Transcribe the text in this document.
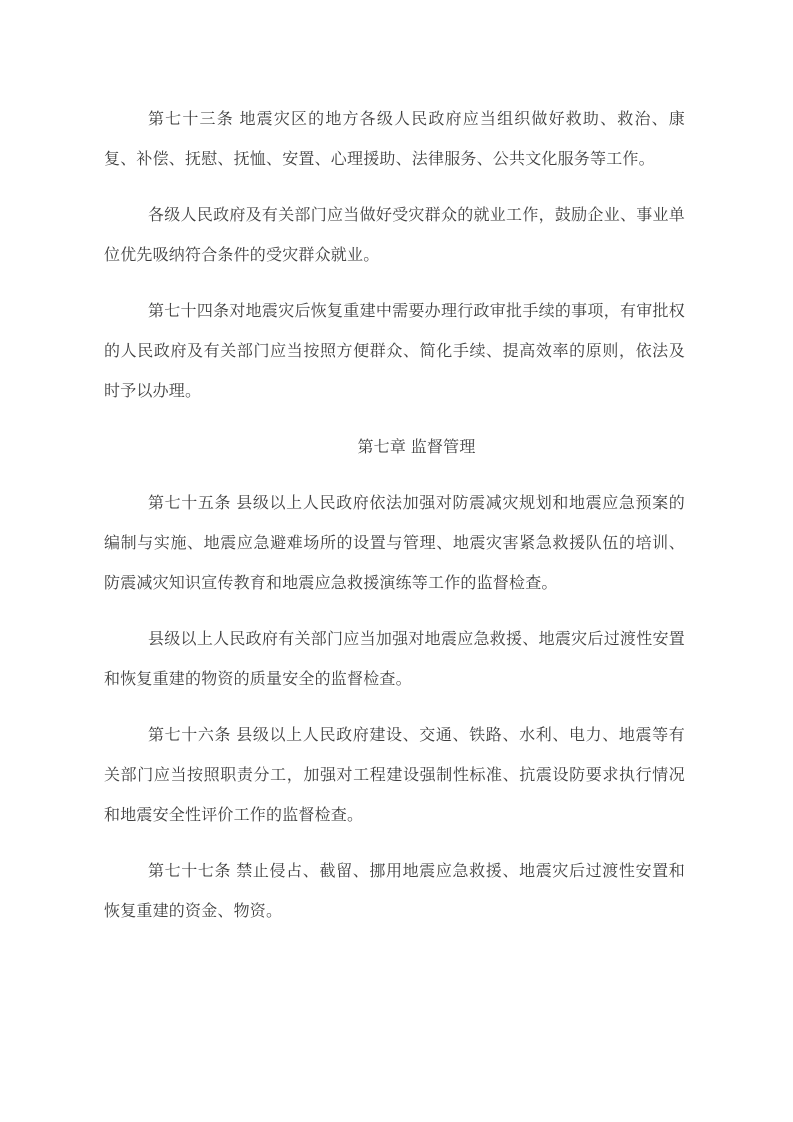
第七十三条 地震灾区的地方各级人民政府应当组织做好救助、救治、康复、补偿、抚慰、抚恤、安置、心理援助、法律服务、公共文化服务等工作。

各级人民政府及有关部门应当做好受灾群众的就业工作，鼓励企业、事业单位优先吸纳符合条件的受灾群众就业。

第七十四条对地震灾后恢复重建中需要办理行政审批手续的事项，有审批权的人民政府及有关部门应当按照方便群众、简化手续、提高效率的原则，依法及时予以办理。

第七章 监督管理

第七十五条 县级以上人民政府依法加强对防震减灾规划和地震应急预案的编制与实施、地震应急避难场所的设置与管理、地震灾害紧急救援队伍的培训、防震减灾知识宣传教育和地震应急救援演练等工作的监督检查。

县级以上人民政府有关部门应当加强对地震应急救援、地震灾后过渡性安置和恢复重建的物资的质量安全的监督检查。

第七十六条 县级以上人民政府建设、交通、铁路、水利、电力、地震等有关部门应当按照职责分工，加强对工程建设强制性标准、抗震设防要求执行情况和地震安全性评价工作的监督检查。

第七十七条 禁止侵占、截留、挪用地震应急救援、地震灾后过渡性安置和恢复重建的资金、物资。
